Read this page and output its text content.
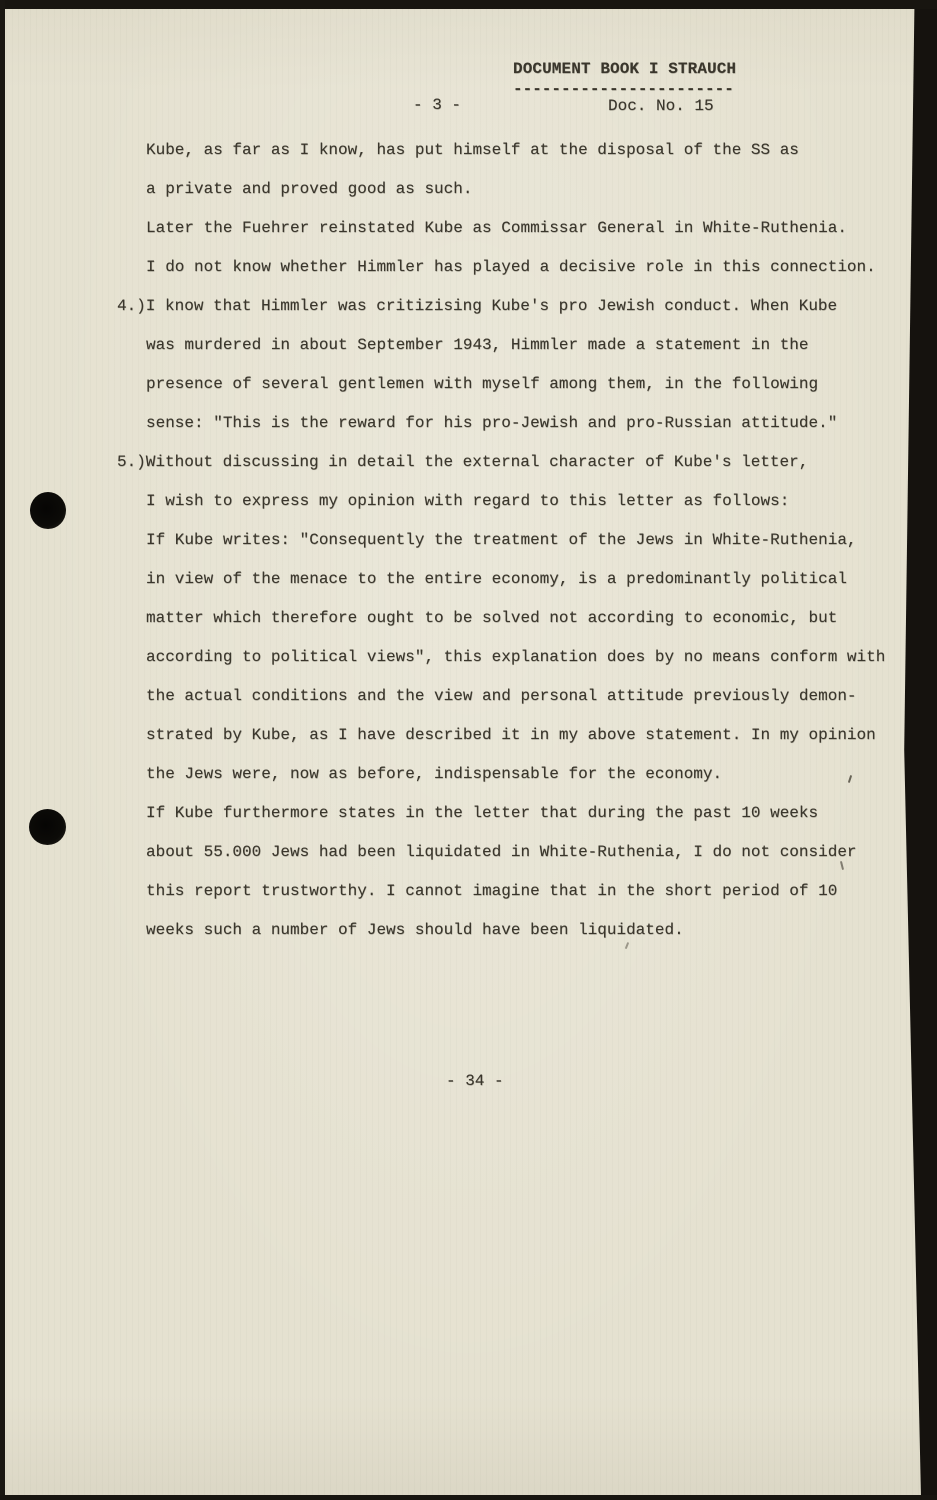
DOCUMENT BOOK I STRAUCH
-----------------------
Doc. No. 15
- 3 -
Kube, as far as I know, has put himself at the disposal of the SS as
a private and proved good as such.
Later the Fuehrer reinstated Kube as Commissar General in White-Ruthenia.
I do not know whether Himmler has played a decisive role in this connection.
4.)I know that Himmler was critizising Kube's pro Jewish conduct. When Kube
was murdered in about September 1943, Himmler made a statement in the
presence of several gentlemen with myself among them, in the following
sense: "This is the reward for his pro-Jewish and pro-Russian attitude."
5.)Without discussing in detail the external character of Kube's letter,
I wish to express my opinion with regard to this letter as follows:
If Kube writes: "Consequently the treatment of the Jews in White-Ruthenia,
in view of the menace to the entire economy, is a predominantly political
matter which therefore ought to be solved not according to economic, but
according to political views", this explanation does by no means conform with
the actual conditions and the view and personal attitude previously demon-
strated by Kube, as I have described it in my above statement. In my opinion
the Jews were, now as before, indispensable for the economy.
If Kube furthermore states in the letter that during the past 10 weeks
about 55.000 Jews had been liquidated in White-Ruthenia, I do not consider
this report trustworthy. I cannot imagine that in the short period of 10
weeks such a number of Jews should have been liquidated.
- 34 -
